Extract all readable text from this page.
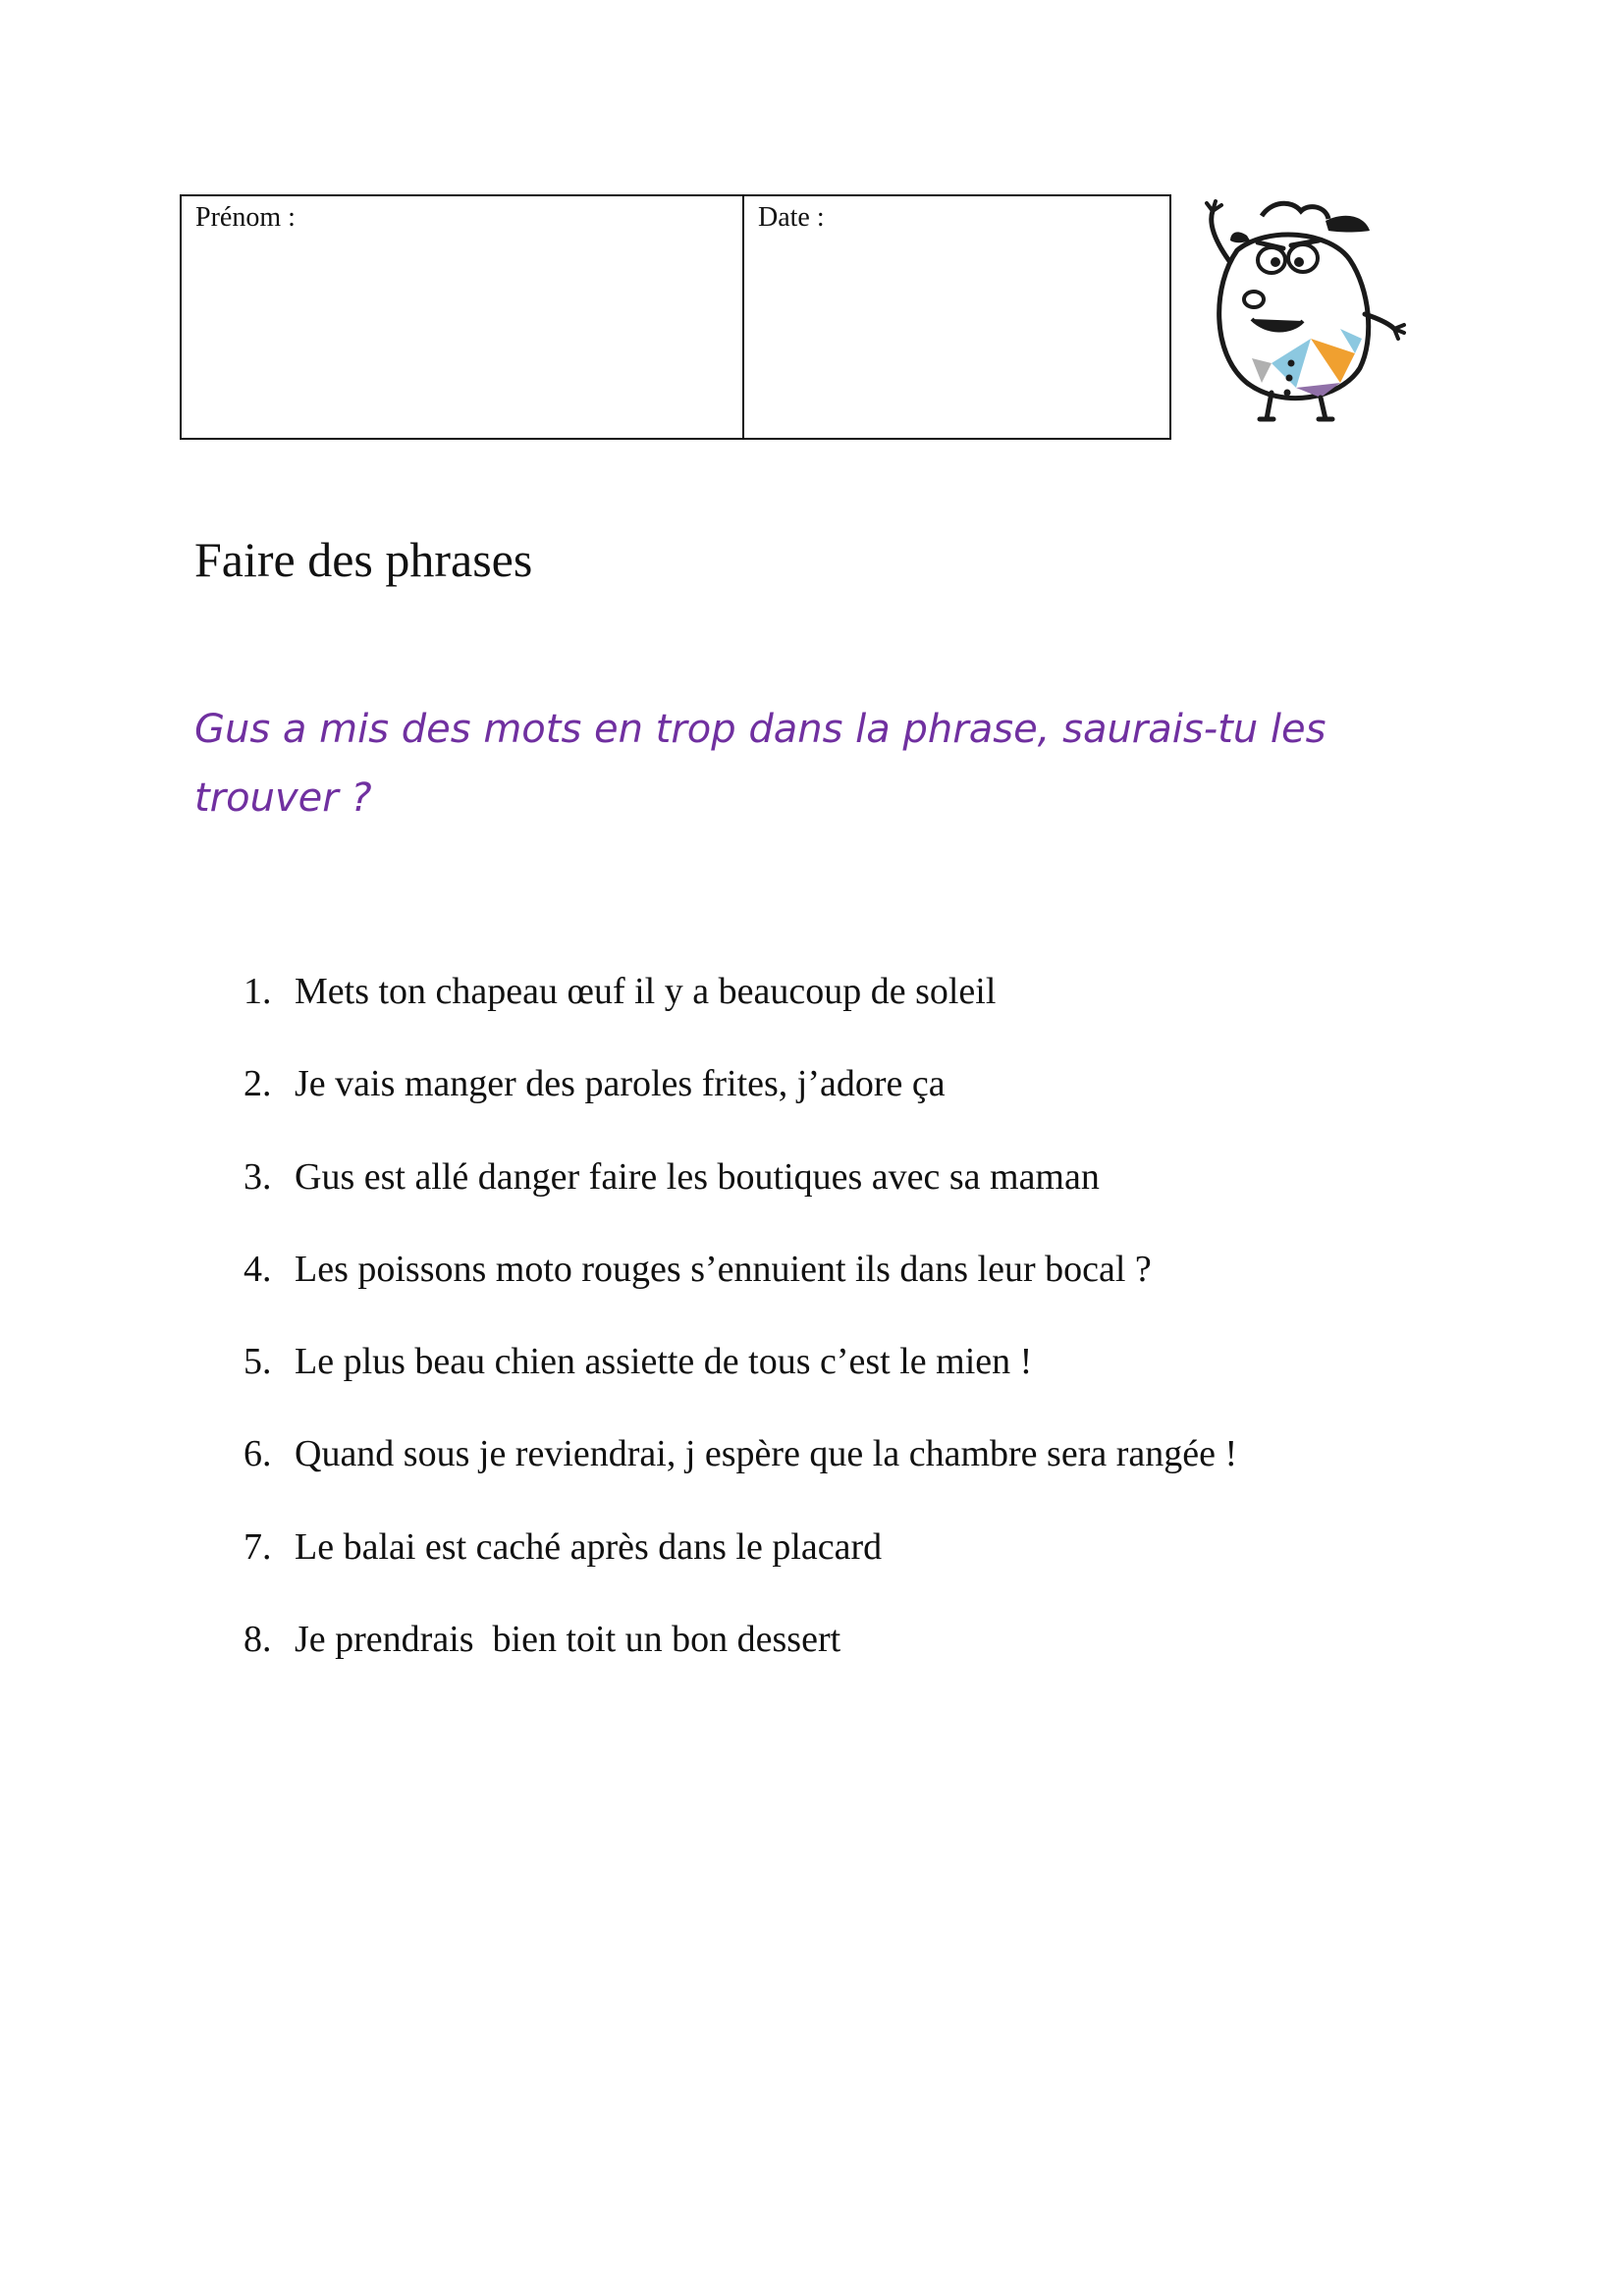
Prénom :	Date :
Faire des phrases

Gus a mis des mots en trop dans la phrase, saurais-tu les trouver ?

1. Mets ton chapeau œuf il y a beaucoup de soleil
2. Je vais manger des paroles frites, j’adore ça
3. Gus est allé danger faire les boutiques avec sa maman
4. Les poissons moto rouges s’ennuient ils dans leur bocal ?
5. Le plus beau chien assiette de tous c’est le mien !
6. Quand sous je reviendrai, j espère que la chambre sera rangée !
7. Le balai est caché après dans le placard
8. Je prendrais  bien toit un bon dessert
